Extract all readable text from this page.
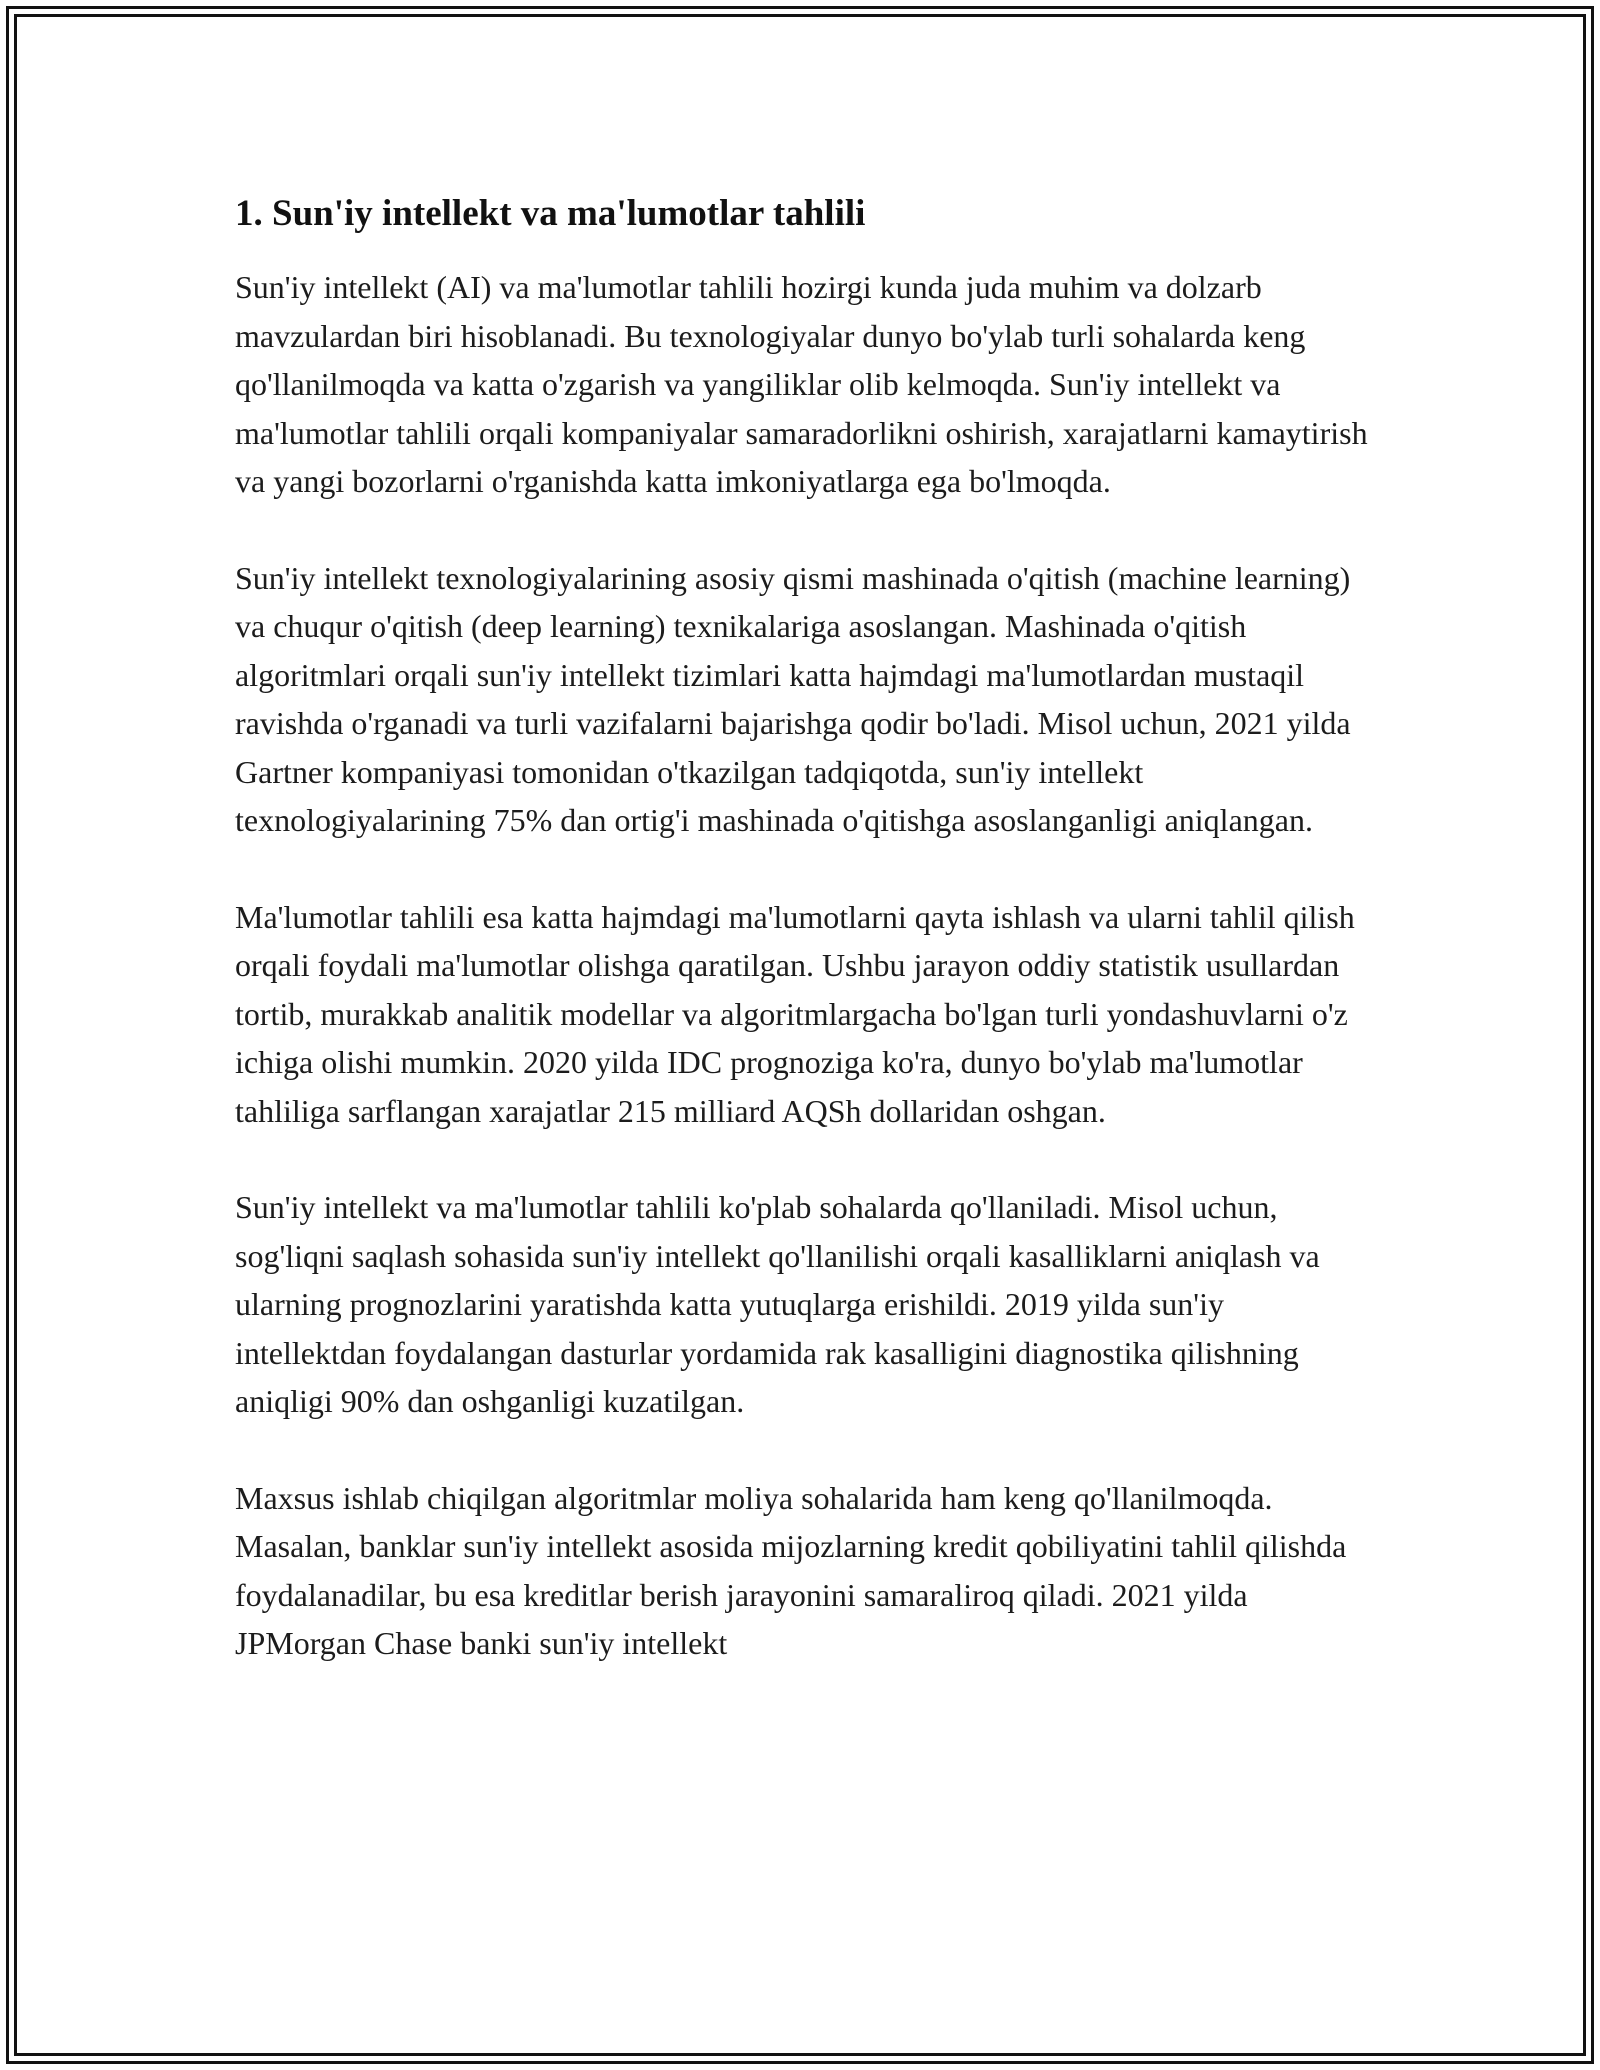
1. Sun'iy intellekt va ma'lumotlar tahlili

Sun'iy intellekt (AI) va ma'lumotlar tahlili hozirgi kunda juda muhim va dolzarb mavzulardan biri hisoblanadi. Bu texnologiyalar dunyo bo'ylab turli sohalarda keng qo'llanilmoqda va katta o'zgarish va yangiliklar olib kelmoqda. Sun'iy intellekt va ma'lumotlar tahlili orqali kompaniyalar samaradorlikni oshirish, xarajatlarni kamaytirish va yangi bozorlarni o'rganishda katta imkoniyatlarga ega bo'lmoqda.

Sun'iy intellekt texnologiyalarining asosiy qismi mashinada o'qitish (machine learning) va chuqur o'qitish (deep learning) texnikalariga asoslangan. Mashinada o'qitish algoritmlari orqali sun'iy intellekt tizimlari katta hajmdagi ma'lumotlardan mustaqil ravishda o'rganadi va turli vazifalarni bajarishga qodir bo'ladi. Misol uchun, 2021 yilda Gartner kompaniyasi tomonidan o'tkazilgan tadqiqotda, sun'iy intellekt texnologiyalarining 75% dan ortig'i mashinada o'qitishga asoslanganligi aniqlangan.

Ma'lumotlar tahlili esa katta hajmdagi ma'lumotlarni qayta ishlash va ularni tahlil qilish orqali foydali ma'lumotlar olishga qaratilgan. Ushbu jarayon oddiy statistik usullardan tortib, murakkab analitik modellar va algoritmlargacha bo'lgan turli yondashuvlarni o'z ichiga olishi mumkin. 2020 yilda IDC prognoziga ko'ra, dunyo bo'ylab ma'lumotlar tahliliga sarflangan xarajatlar 215 milliard AQSh dollaridan oshgan.

Sun'iy intellekt va ma'lumotlar tahlili ko'plab sohalarda qo'llaniladi. Misol uchun, sog'liqni saqlash sohasida sun'iy intellekt qo'llanilishi orqali kasalliklarni aniqlash va ularning prognozlarini yaratishda katta yutuqlarga erishildi. 2019 yilda sun'iy intellektdan foydalangan dasturlar yordamida rak kasalligini diagnostika qilishning aniqligi 90% dan oshganligi kuzatilgan.

Maxsus ishlab chiqilgan algoritmlar moliya sohalarida ham keng qo'llanilmoqda. Masalan, banklar sun'iy intellekt asosida mijozlarning kredit qobiliyatini tahlil qilishda foydalanadilar, bu esa kreditlar berish jarayonini samaraliroq qiladi. 2021 yilda JPMorgan Chase banki sun'iy intellekt
